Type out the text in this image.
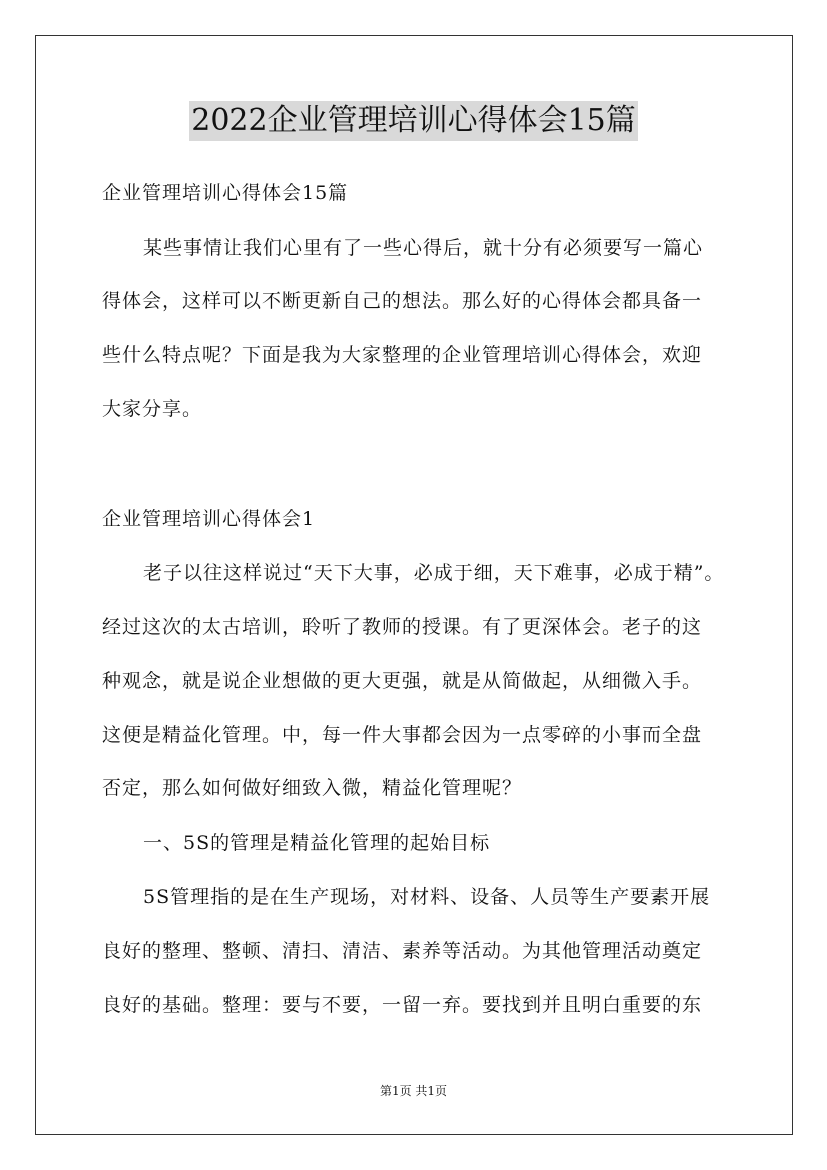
2022企业管理培训心得体会15篇
企业管理培训心得体会15篇
某些事情让我们心里有了一些心得后，就十分有必须要写一篇心
得体会，这样可以不断更新自己的想法。那么好的心得体会都具备一
些什么特点呢？下面是我为大家整理的企业管理培训心得体会，欢迎
大家分享。
企业管理培训心得体会1
老子以往这样说过“天下大事，必成于细，天下难事，必成于精”。
经过这次的太古培训，聆听了教师的授课。有了更深体会。老子的这
种观念，就是说企业想做的更大更强，就是从简做起，从细微入手。
这便是精益化管理。中，每一件大事都会因为一点零碎的小事而全盘
否定，那么如何做好细致入微，精益化管理呢？
一、5S的管理是精益化管理的起始目标
5S管理指的是在生产现场，对材料、设备、人员等生产要素开展
良好的整理、整顿、清扫、清洁、素养等活动。为其他管理活动奠定
良好的基础。整理：要与不要，一留一弃。要找到并且明白重要的东
第1页 共1页
